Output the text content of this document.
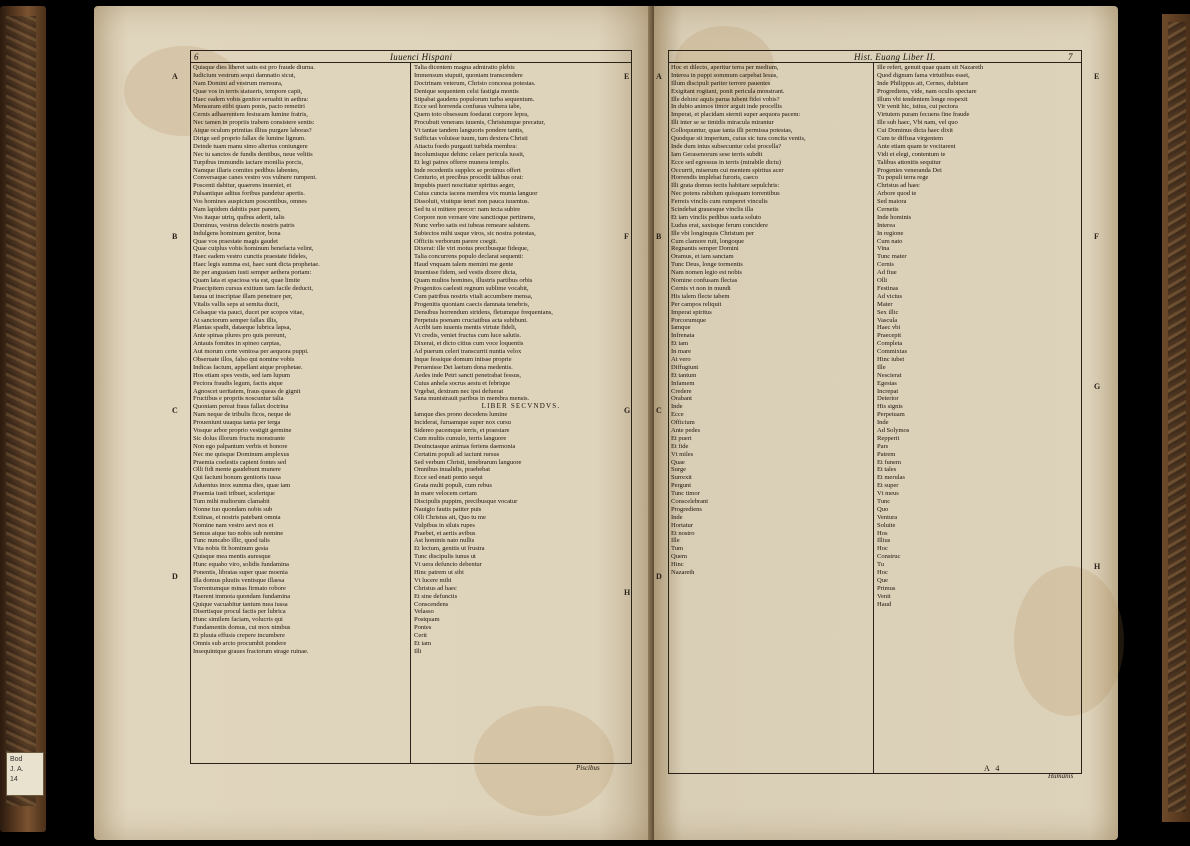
Bod
J. A.
14
Quisque dies liberet satis est pro fraude diurna.
Iudicium vestrum sequi damnatio sicut,
Nam Domini ad vestrum mensura,
Quae vos in terris statueris, tempore capit,
Haec eadem vobis genitor seruabit in aethra:
Mensuram etibi quam ponis, pacto remetiri
Cernis adhaerentem festucam lumine fratris,
Nec tamen in propriis trabem consistere sentis:
Atque oculum primitas illius purgare laboras?
Dirige sed proprio fallax de lumine lignum.
Deinde tuam manu simo alterius coniungere
Nec tu sanctos de fundis dentibus, neue velitis
Turpibus immundis iactare monilia porcis,
Namque illaris comites pedibus labentes,
Conversaque canes vestro vos vulnere rumpent.
Poscenti dabitur, quaerens inueniet, et
Pulsantique aditus foribus pandetur apertis.
Vos homines auspicium poscentibus, omnes
Nam lapidem dabitis puer panem,
Vos itaque utriq, quibus aderit, talis
Dominus, vestrus delectis nostris patris
Indulgens hominum genitor, bona
Quae vos praestate magis gaudet
Quae cuiplus vobis hominum benefacta velint,
Haec eadem vestro cunctis praestate fideles,
Haec legis summa est, haec sunt dicta prophetae.
Ite per angustam iusti semper aethera portam:
Quam lata et spaciosa via est, quae limite
Praecipitem cursus exitium tam facile deducit,
Ianua ut inscriptae illam penetrare per,
Vitalis vallis seps at semita ducit,
Celsaque via pauci, ducet per scopos vitae,
At sanctorum semper fallax illis,
Plantas spadit, dataeque lubrica lapsa,
Ante spinas plures pro quis pereunt,
Antauis fomites in spineo carptas,
Aut morum certe ventosa per aequora puppi.
Obseruate illos, falso qui nomine vobis
Indicas factum, appellant atque prophetae.
Hos etiam spes vestis, sed iam lupum
Pectora fraudis legum, factis atque
Agnoscet ueritatem, fraus queas de gignit
Fructibus e propriis noscuntur talia
Quoniam pereat fraus fallax doctrina
Nam neque de tribulis ficos, neque de
Proueniunt uuaqua tanta per terga
Vosque arbor proprio vestigit germine
Sic dolus illorum fructu monstrante
Non ego palpantum verbis et honore
Nec me quisque Dominum amplexus
Praemia coelestis capient fontes sed
Olli fidi mente gaudebunt munere
Qui faciunt bonum genitoris iussa
Aduentus inox summa dies, quae iam
Praemia iusti tribuet, scelerique
Tum mihi multorum clamabit
Nonne tuo quondam nobis sub
Extinas, et nostris patebant omnia
Nomine nam vestro aevi nos et
Semus atque tuo nobis sub nomine
Tunc nuncabo illic, quod talis
Vita nobis fit hominum gesta
Quisque mea mentis auresque
Hunc equabo viro, solidis fundamina
Ponentis, libratas super quae moenia
Illa domus pluuiis ventisque illaesa
Torrentumque minas firmato robore
Haerent immota quondam fundamina
Quique vacuabitur tantum mea iussa
Disertisque procul factis per lubrica
Hunc similem faciam, volucris qui
Fundamentis domus, cui mox nimbus
Et pluuia effusis crepere incumbere
Omnis sub arcto procumbit pondere
Insequintque graues fractorum strage ruinae.
Talia dicentem magna admiratio plebis
Immensum stupuit, quoniam transcendere
Doctrinam veterum, Christo concessa potestas.
Denique sequentem celsi fastigia montis
Stipabat gaudens populorum turba sequentum.
Ecce sed horrenda confusus vulnera tabe,
Quem toto obsessum foedarat corpore lepra,
Procubuit venerans iuuenis, Christumque precatur,
Vt tantae tandem languoris pondere tantis,
Sufficias voluisse tuum, tum dextera Christi
Attactu foedo purgauit turbida membra:
Incolumisque dehinc celare pericula iussit,
Et legi patres offerre munera templo.
Inde recedentis supplex se protinus offert
Centurio, et precibus procedit talibus orat:
Impubis pueri noscitatur spiritus aeger,
Cuius cuncta iacens membra vix munia languor
Dissoluit, viuitque tenet non pauca iuuentus.
Sed tu si mittere precor: nam tecta subire
Corpore non vereare vire sanctioque pertinens,
Nunc verbo satis est iubeas remeare salutem.
Subiectos mihi usque viros, sic nostra potestas,
Officiis verborum parere coegit.
Dixerat: ille viri motus precibusque fideque,
Talia concurrens populo declarat sequenti:
Haud vnquam talem memini me gente
Inuenisse fidem, sed vestis dixere dicta,
Quam multos homines, illustris partibus orbis
Progenitos caelesti regnum sublime vocabit,
Cum patribus nostris vitali accumbere mensa,
Progenitis quoniam caecis damnata tenebris,
Densibus horrendum stridens, fletumque frequentans,
Perpetuis poenam cruciatibus acta subibunt.
Acribi tam iuuenis mentis virtute fideli,
Vt credis, veniet fructus cum luce salutis.
Dixerat, et dicto citius cum voce loquentis
Ad puerum celeri transcurrit nuntia velox
Inque fessique domum iniisse proprie
Peruenisse Dei laetum dona medentis.
Aedes inde Petri sancti penetrabat fessus,
Cuius anhela socrus aestu et febrique
Vrgebat, dextram nec ipsi defuerat
Sana munistrauit paribus in membra mensis.
LIBER SECVNDVS.
Iamque dies prono decedens lumine
Inciderat, furuamque super nox cursu
Sidereo pacemque terris, et praestare
Cum multis cumulo, terris languore
Deuinctasque animas feriens daemonia
Certatim populi ad iaciunt rursus
Sed verbum Christi, tenebrarum languore
Omnibus inualidis, praebebat
Ecce sed enati ponto sequi
Grata multi populi, cum rebus
In mare velocem certam
Discipulis puppim, precibusque vocatur
Nauigio fautis patiter puis
Olli Christus ait, Quo tu me
Vulpibus in siluis rupes
Praebet, et aeriis avibus
Ast hominis nato nullis
Et lectum, genitis ut frustra
Tunc discipulis iunus ut
Vt uera defuncto debentur
Hinc patrem ut sibi
Vt lucere mihi
Christus ad haec
Et sine defunctis
Conscendens
Velasso
Postquam
Pontes
Cerit
Et iam
Illi
6	Iuuenci Hispani
A
B
C
D
E
F
G
H
Piscibus
Hoc et dilecto, aperitur terra per medium,
Interea in puppi sommum carpebat Iesus,
Illum discipuli pariter terrore pauentes
Exigitant rogitant, ponit pericula monstrant.
Ille dehinc aquis parua iubent fidei vobis?
In dubio animos timor arguit inde procellis
Imperat, et placidam sternit super aequora pacem:
Illi inter se se timidis miracula mirantur
Colloquuntur, quae tanta illi permissa potestas,
Quodque sit imperium, cuius sic tura concita ventis,
Inde dum intus subsecuntur celsi procella?
Iam Gerasenorum sese terris subdit
Ecce sed egressus in terris (mirabile dictu)
Occurrit, miserum cui mentem spiritus acer
Horrendis implebat furoris, caeco
Illi grata domus tectis habitare sepulchris:
Nec potens rabidum quisquam torrentibus
Ferreis vinclis cum rumperet vinculis
Scindebat grauesque vinclis illa
Et iam vinclis pedibus sueta soluto
Ludus erat, saxisque ferum concidere
Ille vbi longinquis Christum per
Cum clamore ruit, longoque
Regnantis semper Domini
Oramus, et iam sanctam
Tunc Deus, longe tormentis
Nam nomen legio est nobis
Nomine confusam flectas
Cernis vt non in mundi
His talem flecte tabem
Per campos reliquit
Imperat spiritus
Porcorumque
Iamque
Infrenata
Et iam
In mare
At vero
Diffugiunt
Et tantum
Infamem
Credere
Orabant
Inde
Ecce
Officium
Ante pedes
Et pueri
Et fide
Vt miles
Quae
Surge
Surrexit
Pergunt
Tunc timor
Conscelebrant
Progrediens
Inde
Hortatur
Et nostro
Ille
Tum
Quem
Hinc
Nazareth
Ille refert, genuit quae quam sit Nazareth
Quod dignum fama virtutibus esset,
Inde Philippus ait, Cernes, dubitare
Progrediens, vide, nam oculis spectare
Illum vbi tendentem longe respexit
Vir venit hic, istius, cui pectora
Virtutem puram fecuens fine fraude
Ille sub haec, Vbi nam, vel quo
Cui Dominus dicta haec dixit
Cum te diffusa virgentem
Ante etiam quam te vocitarent
Vidi et elegi, contentum te
Talibus attonitis sequitur
Progenies veneranda Dei
Tu populi terra rege
Christus ad haec
Arbore quod te
Sed maiora
Cernetis
Inde hominis
Interea
In regione
Cum nato
Vina
Tunc mater
Cernis
Ad fiue
Olli
Festinas
Ad victus
Mater
Sex illic
Vascula
Haec vbi
Praecepit
Completa
Commixtas
Hinc iubet
Ille
Nescierat
Egestas
Increpat
Deterior
His signis
Perpetuam
Inde
Ad Solymos
Repperit
Pars
Patrem
Et funem
Et tales
Et merulas
Et super
Vt meus
Tunc
Quo
Ventura
Soluite
Hos
Illius
Hoc
Construc
Tu
Hoc
Que
Primus
Venit
Haud
Hist. Euang Liber II.	7
A
B
C
D
E
F
G
H
A 4
Humanis
